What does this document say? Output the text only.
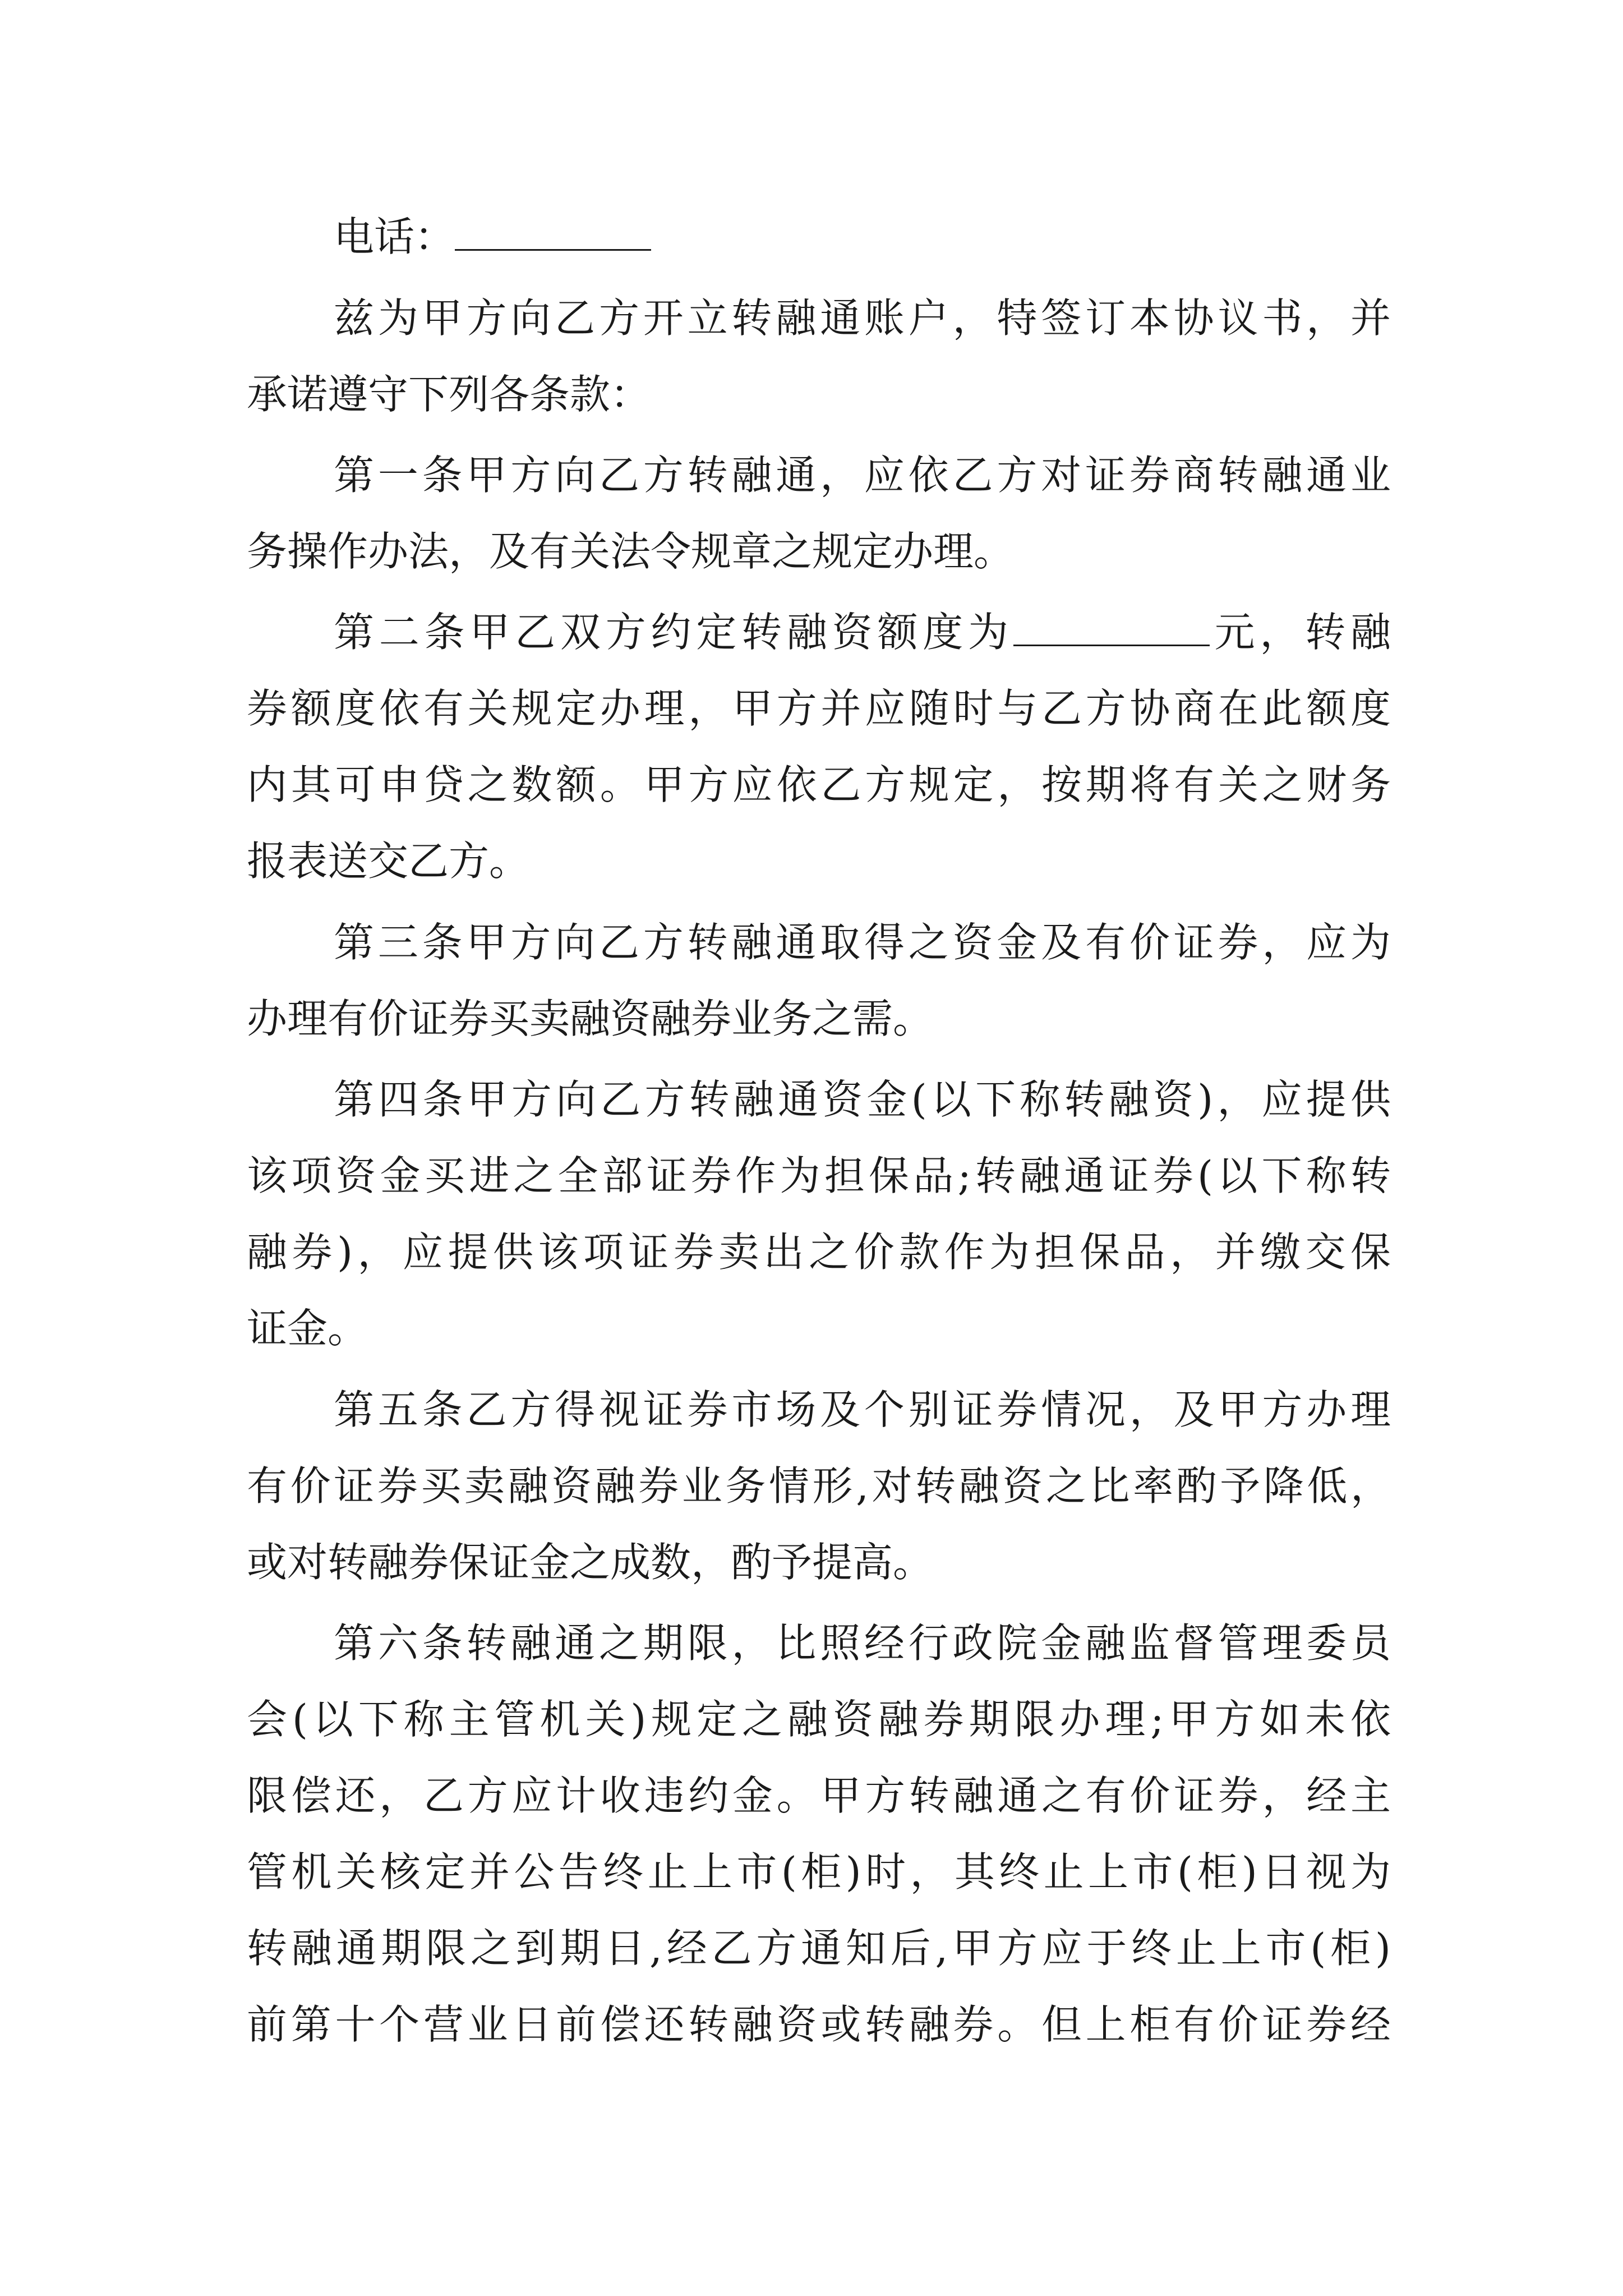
电话：
兹为甲方向乙方开立转融通账户，特签订本协议书，并
承诺遵守下列各条款：
第一条甲方向乙方转融通，应依乙方对证券商转融通业
务操作办法，及有关法令规章之规定办理。
第二条甲乙双方约定转融资额度为	元，转融
券额度依有关规定办理，甲方并应随时与乙方协商在此额度
内其可申贷之数额。甲方应依乙方规定，按期将有关之财务
报表送交乙方。
第三条甲方向乙方转融通取得之资金及有价证券，应为
办理有价证券买卖融资融券业务之需。
第四条甲方向乙方转融通资金(以下称转融资)，应提供
该项资金买进之全部证券作为担保品;转融通证券(以下称转
融券)，应提供该项证券卖出之价款作为担保品，并缴交保
证金。
第五条乙方得视证券市场及个别证券情况，及甲方办理
有价证券买卖融资融券业务情形,对转融资之比率酌予降低，
或对转融券保证金之成数，酌予提高。
第六条转融通之期限，比照经行政院金融监督管理委员
会(以下称主管机关)规定之融资融券期限办理;甲方如未依
限偿还，乙方应计收违约金。甲方转融通之有价证券，经主
管机关核定并公告终止上市(柜)时，其终止上市(柜)日视为
转融通期限之到期日,经乙方通知后,甲方应于终止上市(柜)
前第十个营业日前偿还转融资或转融券。但上柜有价证券经
